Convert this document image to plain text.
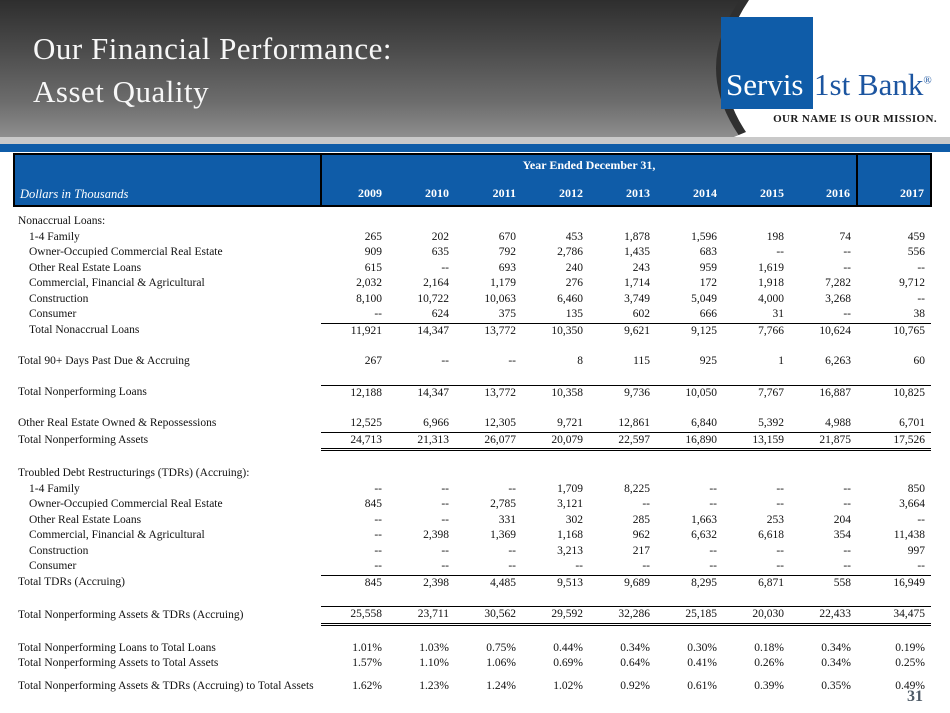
Our Financial Performance:
Asset Quality	Servis 1st Bank®
OUR NAME IS OUR MISSION.
Dollars in Thousands	Year Ended December 31,								
	2009	2010	2011	2012	2013	2014	2015	2016	2017

Nonaccrual Loans:									
1-4 Family	265	202	670	453	1,878	1,596	198	74	459
Owner-Occupied Commercial Real Estate	909	635	792	2,786	1,435	683	--	--	556
Other Real Estate Loans	615	--	693	240	243	959	1,619	--	--
Commercial, Financial & Agricultural	2,032	2,164	1,179	276	1,714	172	1,918	7,282	9,712
Construction	8,100	10,722	10,063	6,460	3,749	5,049	4,000	3,268	--
Consumer	--	624	375	135	602	666	31	--	38
Total Nonaccrual Loans	11,921	14,347	13,772	10,350	9,621	9,125	7,766	10,624	10,765

Total 90+ Days Past Due & Accruing	267	--	--	8	115	925	1	6,263	60

Total Nonperforming Loans	12,188	14,347	13,772	10,358	9,736	10,050	7,767	16,887	10,825

Other Real Estate Owned & Repossessions	12,525	6,966	12,305	9,721	12,861	6,840	5,392	4,988	6,701
Total Nonperforming Assets	24,713	21,313	26,077	20,079	22,597	16,890	13,159	21,875	17,526

Troubled Debt Restructurings (TDRs) (Accruing):									
1-4 Family	--	--	--	1,709	8,225	--	--	--	850
Owner-Occupied Commercial Real Estate	845	--	2,785	3,121	--	--	--	--	3,664
Other Real Estate Loans	--	--	331	302	285	1,663	253	204	--
Commercial, Financial & Agricultural	--	2,398	1,369	1,168	962	6,632	6,618	354	11,438
Construction	--	--	--	3,213	217	--	--	--	997
Consumer	--	--	--	--	--	--	--	--	--
Total TDRs (Accruing)	845	2,398	4,485	9,513	9,689	8,295	6,871	558	16,949

Total Nonperforming Assets & TDRs (Accruing)	25,558	23,711	30,562	29,592	32,286	25,185	20,030	22,433	34,475

Total Nonperforming Loans to Total Loans	1.01%	1.03%	0.75%	0.44%	0.34%	0.30%	0.18%	0.34%	0.19%
Total Nonperforming Assets to Total Assets	1.57%	1.10%	1.06%	0.69%	0.64%	0.41%	0.26%	0.34%	0.25%

Total Nonperforming Assets & TDRs (Accruing) to Total Assets	1.62%	1.23%	1.24%	1.02%	0.92%	0.61%	0.39%	0.35%	0.49%
31
